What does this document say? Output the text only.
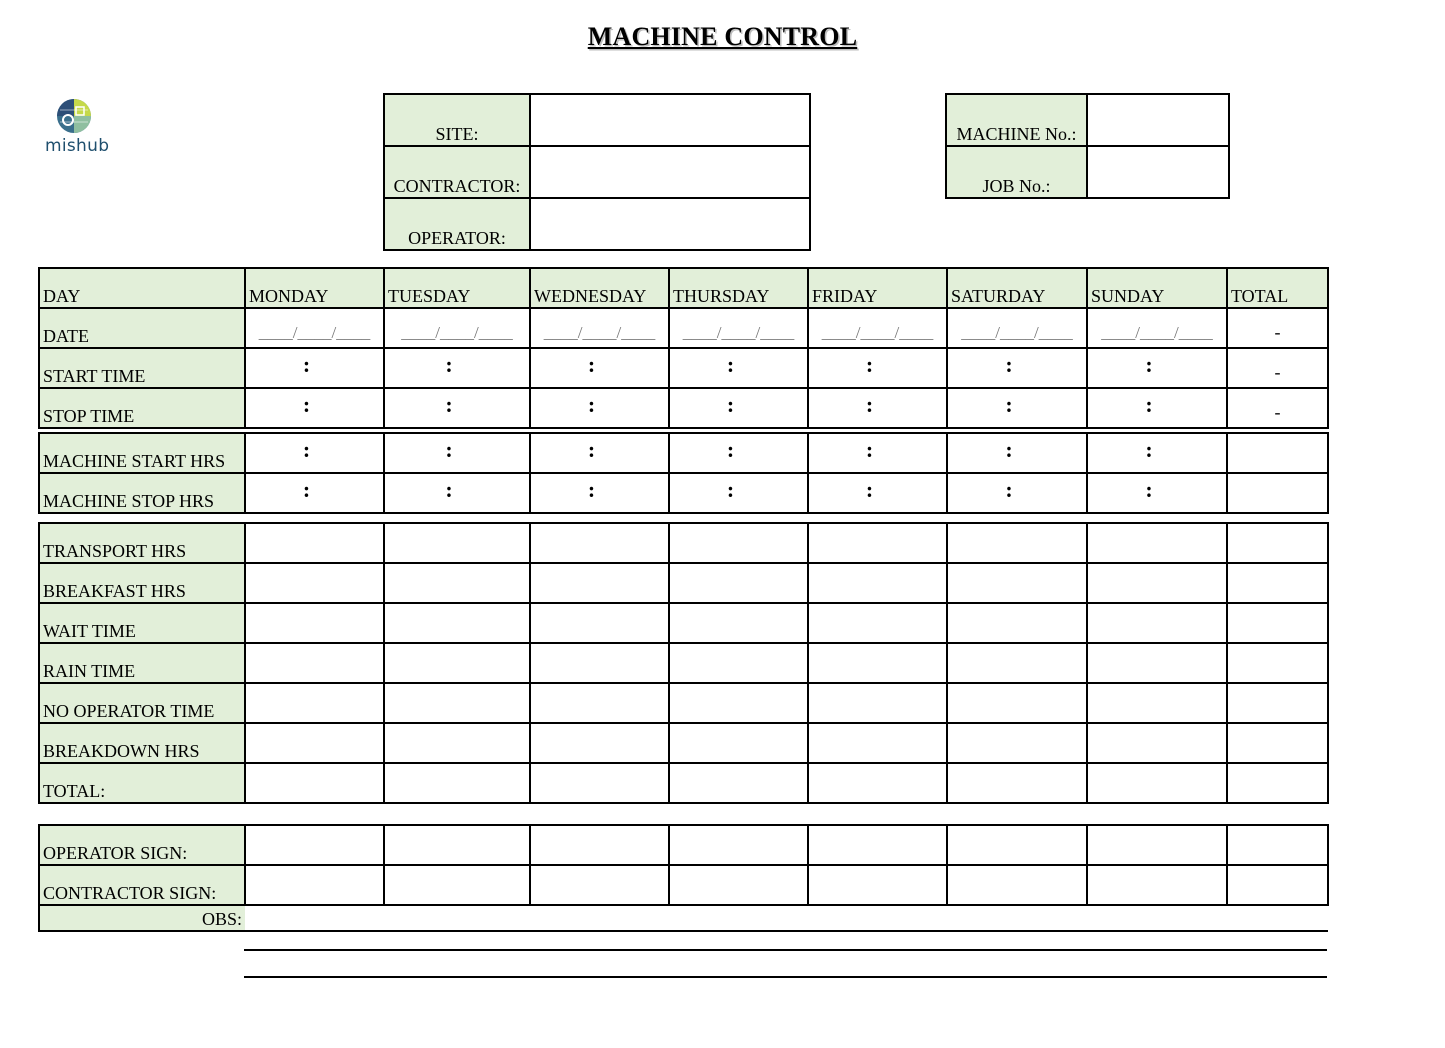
MACHINE CONTROL
mishub
SITE:	
CONTRACTOR:	
OPERATOR:	
MACHINE No.:	
JOB No.:	
DAY	MONDAY	TUESDAY	WEDNESDAY	THURSDAY	FRIDAY	SATURDAY	SUNDAY	TOTAL
DATE	____/____/____	____/____/____	____/____/____	____/____/____	____/____/____	____/____/____	____/____/____	-
START TIME	:	:	:	:	:	:	:	-
STOP TIME	:	:	:	:	:	:	:	-
MACHINE START HRS	:	:	:	:	:	:	:	
MACHINE STOP HRS	:	:	:	:	:	:	:	
TRANSPORT HRS								
BREAKFAST HRS								
WAIT TIME								
RAIN TIME								
NO OPERATOR TIME								
BREAKDOWN HRS								
TOTAL:								
OPERATOR SIGN:								
CONTRACTOR SIGN:								
OBS:								
